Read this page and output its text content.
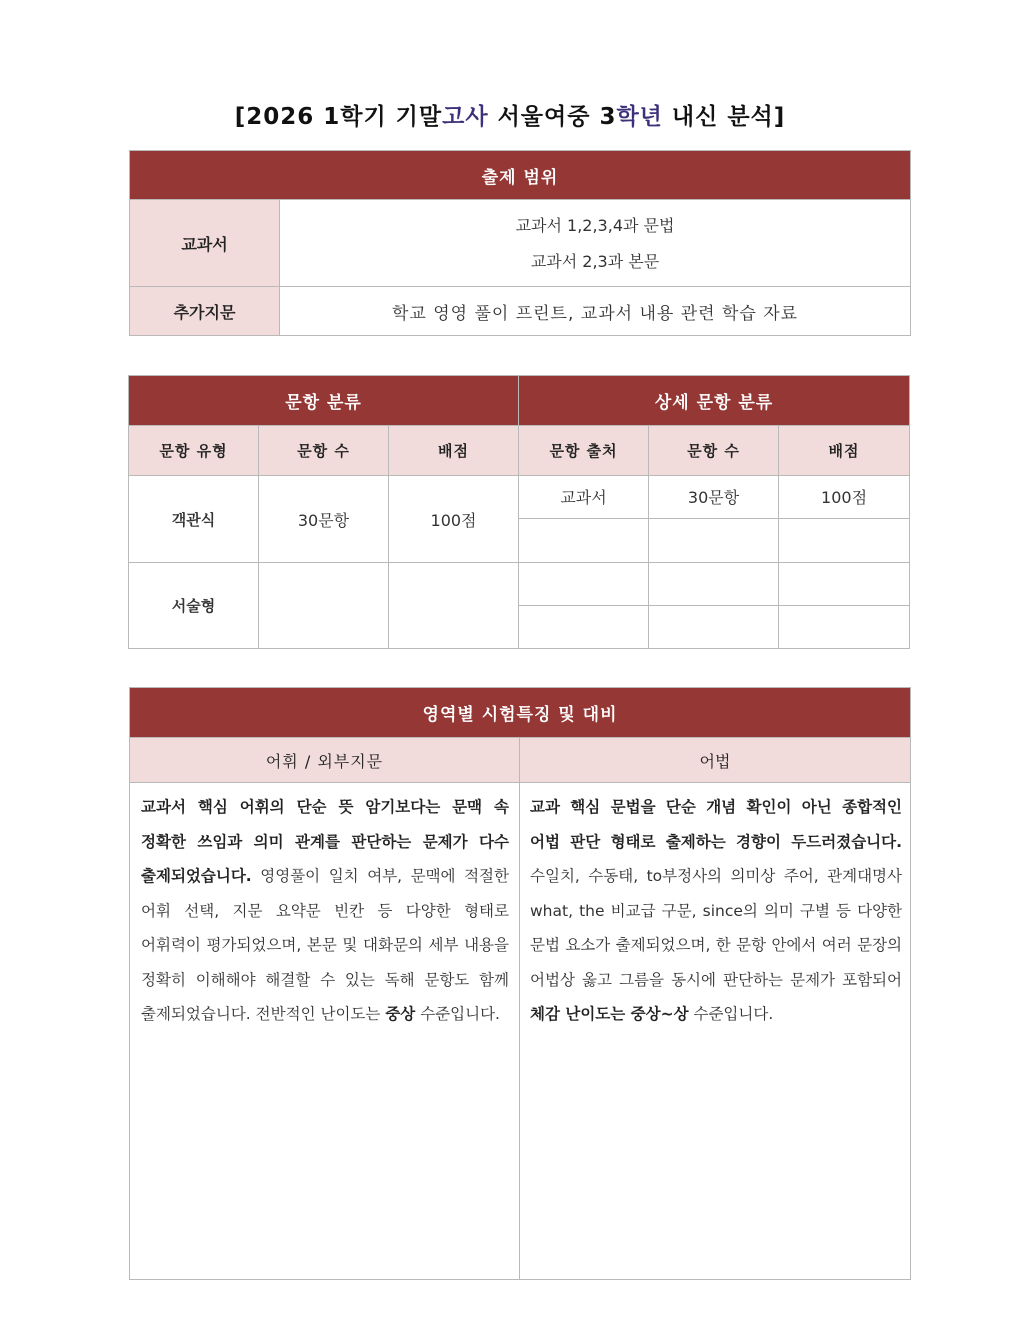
[2026 1학기 기말고사 서울여중 3학년 내신 분석]
출제 범위	
교과서	교과서 1,2,3,4과 문법
교과서 2,3과 본문

추가지문	학교 영영 풀이 프린트, 교과서 내용 관련 학습 자료
문항 분류			상세 문항 분류		
문항 유형	문항 수	배점	문항 출처	문항 수	배점
객관식	30문항	100점	교과서	30문항	100점

서술형					

영역별 시험특징 및 대비	
어휘 / 외부지문	어법
교과서 핵심 어휘의 단순 뜻 암기보다는 문맥 속 정확한 쓰임과 의미 관계를 판단하는 문제가 다수 출제되었습니다. 영영풀이 일치 여부, 문맥에 적절한 어휘 선택, 지문 요약문 빈칸 등 다양한 형태로 어휘력이 평가되었으며, 본문 및 대화문의 세부 내용을 정확히 이해해야 해결할 수 있는 독해 문항도 함께 출제되었습니다. 전반적인 난이도는 중상 수준입니다.	교과 핵심 문법을 단순 개념 확인이 아닌 종합적인 어법 판단 형태로 출제하는 경향이 두드러졌습니다. 수일치, 수동태, to부정사의 의미상 주어, 관계대명사 what, the 비교급 구문, since의 의미 구별 등 다양한 문법 요소가 출제되었으며, 한 문항 안에서 여러 문장의 어법상 옳고 그름을 동시에 판단하는 문제가 포함되어 체감 난이도는 중상~상 수준입니다.
